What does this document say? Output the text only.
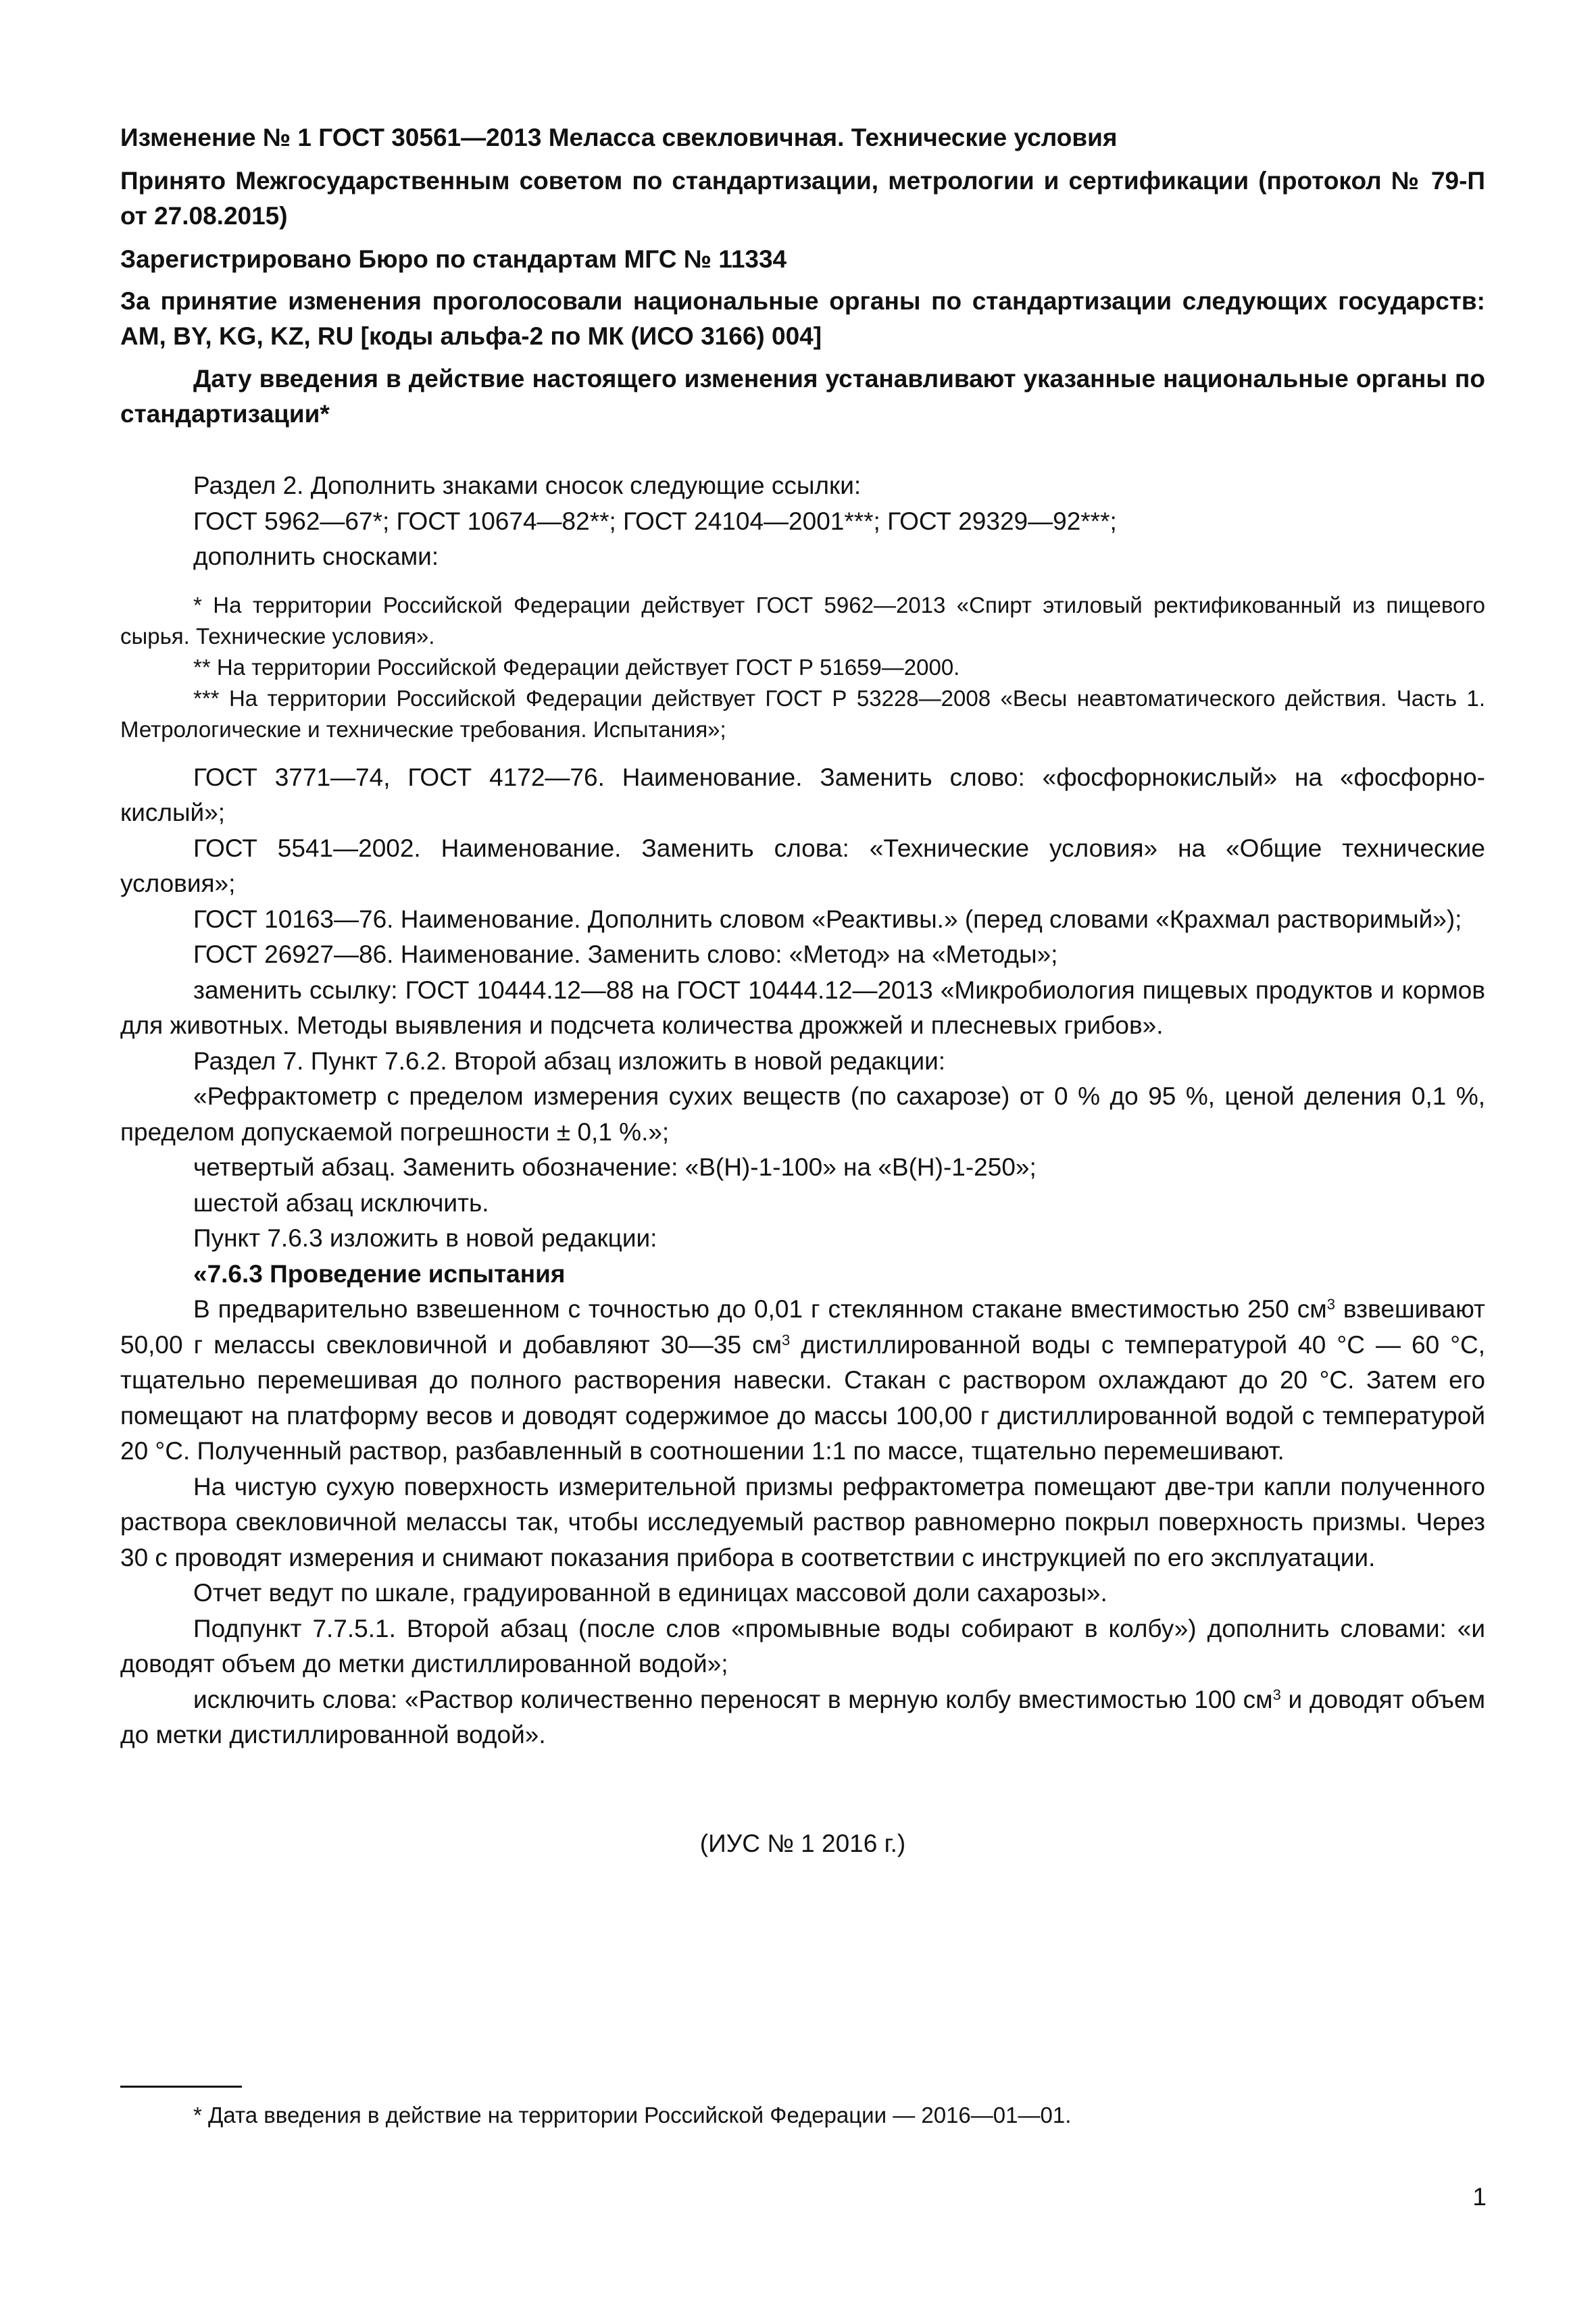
Изменение № 1 ГОСТ 30561—2013 Меласса свекловичная. Технические условия

Принято Межгосударственным советом по стандартизации, метрологии и сертификации (протокол № 79-П от 27.08.2015)

Зарегистрировано Бюро по стандартам МГС № 11334

За принятие изменения проголосовали национальные органы по стандартизации следующих государств: AM, BY, KG, KZ, RU [коды альфа-2 по МК (ИСО 3166) 004]

Дату введения в действие настоящего изменения устанавливают указанные национальные органы по стандартизации*

Раздел 2. Дополнить знаками сносок следующие ссылки:

ГОСТ 5962—67*; ГОСТ 10674—82**; ГОСТ 24104—2001***; ГОСТ 29329—92***;

дополнить сносками:

* На территории Российской Федерации действует ГОСТ 5962—2013 «Спирт этиловый ректификованный из пищевого сырья. Технические условия».

** На территории Российской Федерации действует ГОСТ Р 51659—2000.

*** На территории Российской Федерации действует ГОСТ Р 53228—2008 «Весы неавтоматического действия. Часть 1. Метрологические и технические требования. Испытания»;

ГОСТ 3771—74, ГОСТ 4172—76. Наименование. Заменить слово: «фосфорнокислый» на «фосфорно-кислый»;

ГОСТ 5541—2002. Наименование. Заменить слова: «Технические условия» на «Общие технические условия»;

ГОСТ 10163—76. Наименование. Дополнить словом «Реактивы.» (перед словами «Крахмал растворимый»);

ГОСТ 26927—86. Наименование. Заменить слово: «Метод» на «Методы»;

заменить ссылку: ГОСТ 10444.12—88 на ГОСТ 10444.12—2013 «Микробиология пищевых продуктов и кормов для животных. Методы выявления и подсчета количества дрожжей и плесневых грибов».

Раздел 7. Пункт 7.6.2. Второй абзац изложить в новой редакции:

«Рефрактометр с пределом измерения сухих веществ (по сахарозе) от 0 % до 95 %, ценой деления 0,1 %, пределом допускаемой погрешности ± 0,1 %.»;

четвертый абзац. Заменить обозначение: «В(Н)-1-100» на «В(Н)-1-250»;

шестой абзац исключить.

Пункт 7.6.3 изложить в новой редакции:

«7.6.3 Проведение испытания

В предварительно взвешенном с точностью до 0,01 г стеклянном стакане вместимостью 250 $см^3$ взвешивают 50,00 г мелассы свекловичной и добавляют 30—35 $см^3$ дистиллированной воды с температурой 40 °С — 60 °С, тщательно перемешивая до полного растворения навески. Стакан с раствором охлаждают до 20 °С. Затем его помещают на платформу весов и доводят содержимое до массы 100,00 г дистиллированной водой с температурой 20 °С. Полученный раствор, разбавленный в соотношении 1:1 по массе, тщательно перемешивают.

На чистую сухую поверхность измерительной призмы рефрактометра помещают две-три капли полученного раствора свекловичной мелассы так, чтобы исследуемый раствор равномерно покрыл поверхность призмы. Через 30 с проводят измерения и снимают показания прибора в соответствии с инструкцией по его эксплуатации.

Отчет ведут по шкале, градуированной в единицах массовой доли сахарозы».

Подпункт 7.7.5.1. Второй абзац (после слов «промывные воды собирают в колбу») дополнить словами: «и доводят объем до метки дистиллированной водой»;

исключить слова: «Раствор количественно переносят в мерную колбу вместимостью 100 $см^3$ и доводят объем до метки дистиллированной водой».

(ИУС № 1 2016 г.)
* Дата введения в действие на территории Российской Федерации — 2016—01—01.
1
